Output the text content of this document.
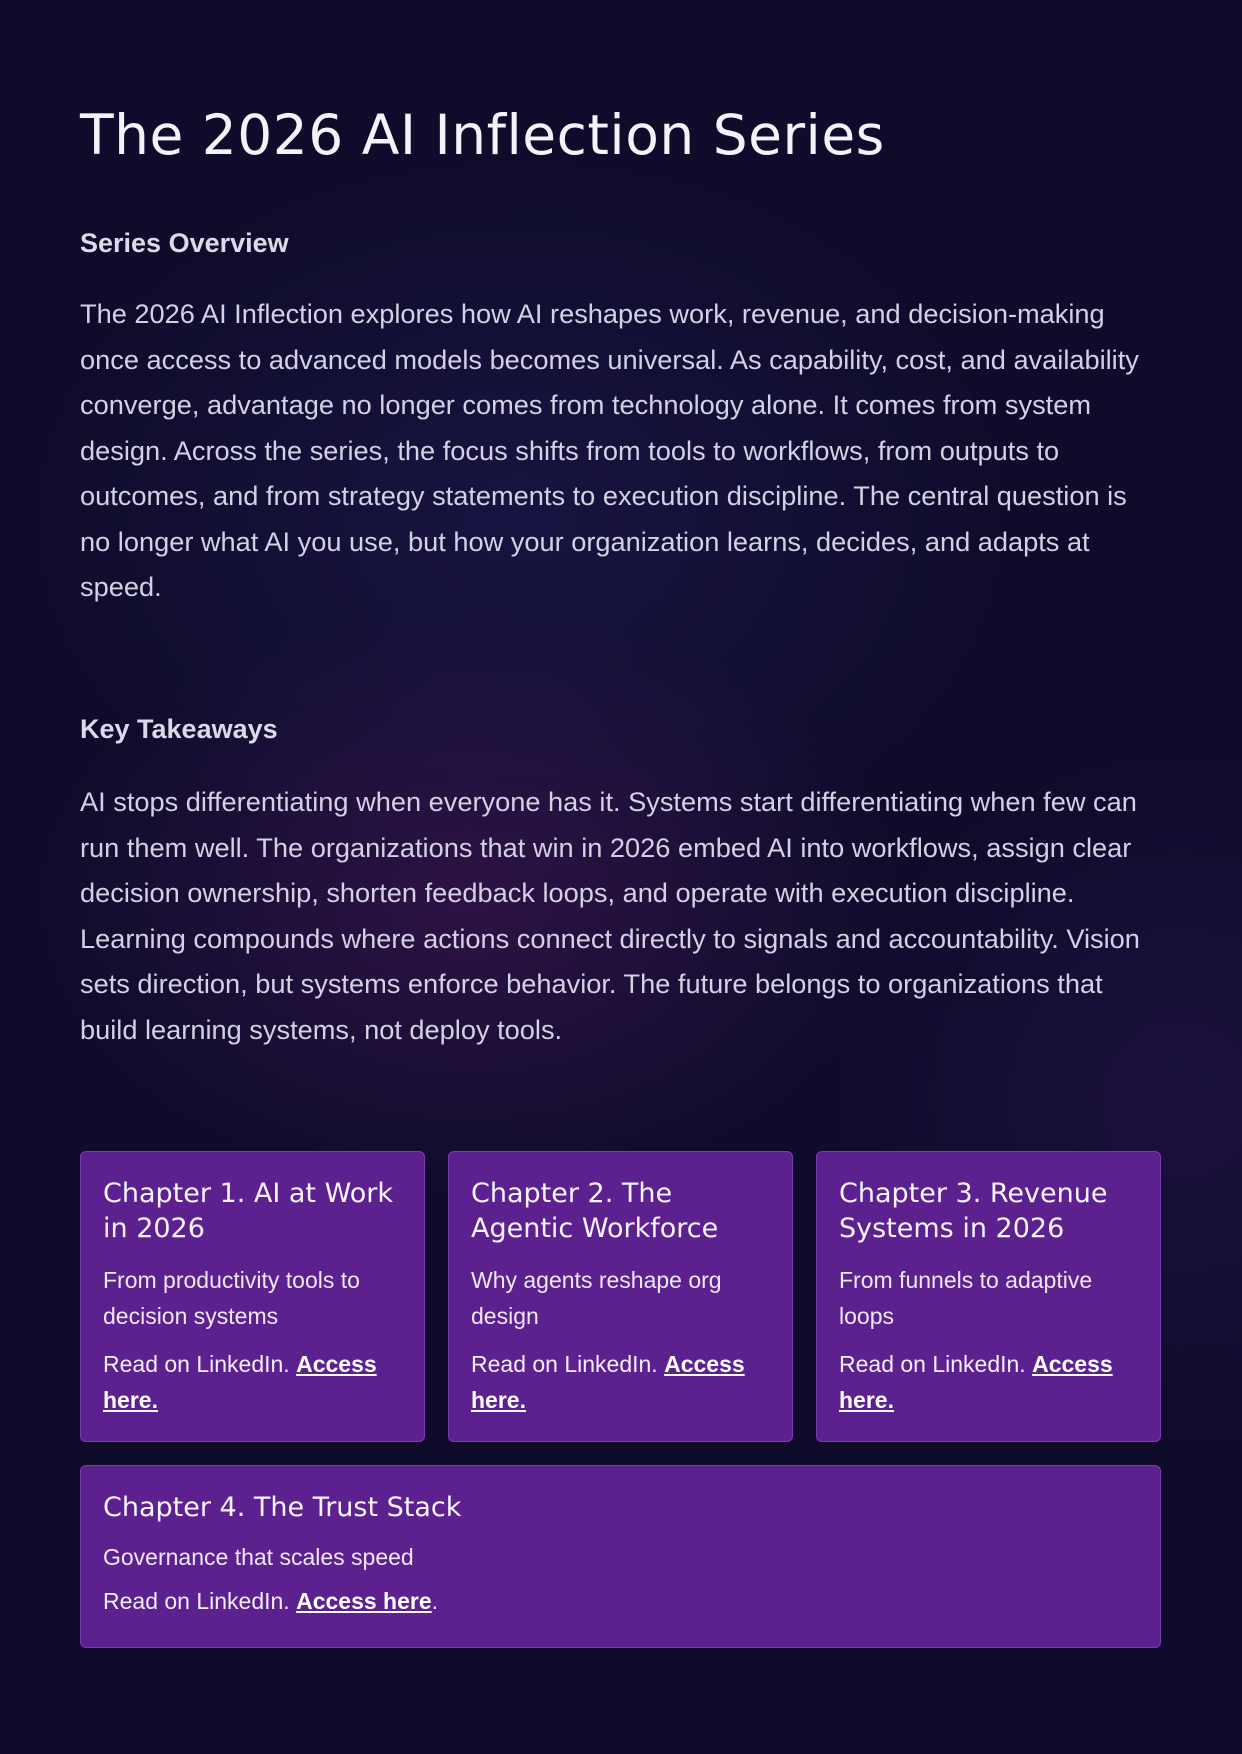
The 2026 AI Inflection Series
Series Overview

The 2026 AI Inflection explores how AI reshapes work, revenue, and decision-making once access to advanced models becomes universal. As capability, cost, and availability converge, advantage no longer comes from technology alone. It comes from system design. Across the series, the focus shifts from tools to workflows, from outputs to outcomes, and from strategy statements to execution discipline. The central question is no longer what AI you use, but how your organization learns, decides, and adapts at speed.

Key Takeaways

AI stops differentiating when everyone has it. Systems start differentiating when few can run them well. The organizations that win in 2026 embed AI into workflows, assign clear decision ownership, shorten feedback loops, and operate with execution discipline. Learning compounds where actions connect directly to signals and accountability. Vision sets direction, but systems enforce behavior. The future belongs to organizations that build learning systems, not deploy tools.

Chapter 1. AI at Work in 2026

From productivity tools to decision systems

Read on LinkedIn. Access here.

Chapter 2. The Agentic Workforce

Why agents reshape org design

Read on LinkedIn. Access here.

Chapter 3. Revenue Systems in 2026

From funnels to adaptive loops

Read on LinkedIn. Access here.

Chapter 4. The Trust Stack

Governance that scales speed

Read on LinkedIn. Access here.
